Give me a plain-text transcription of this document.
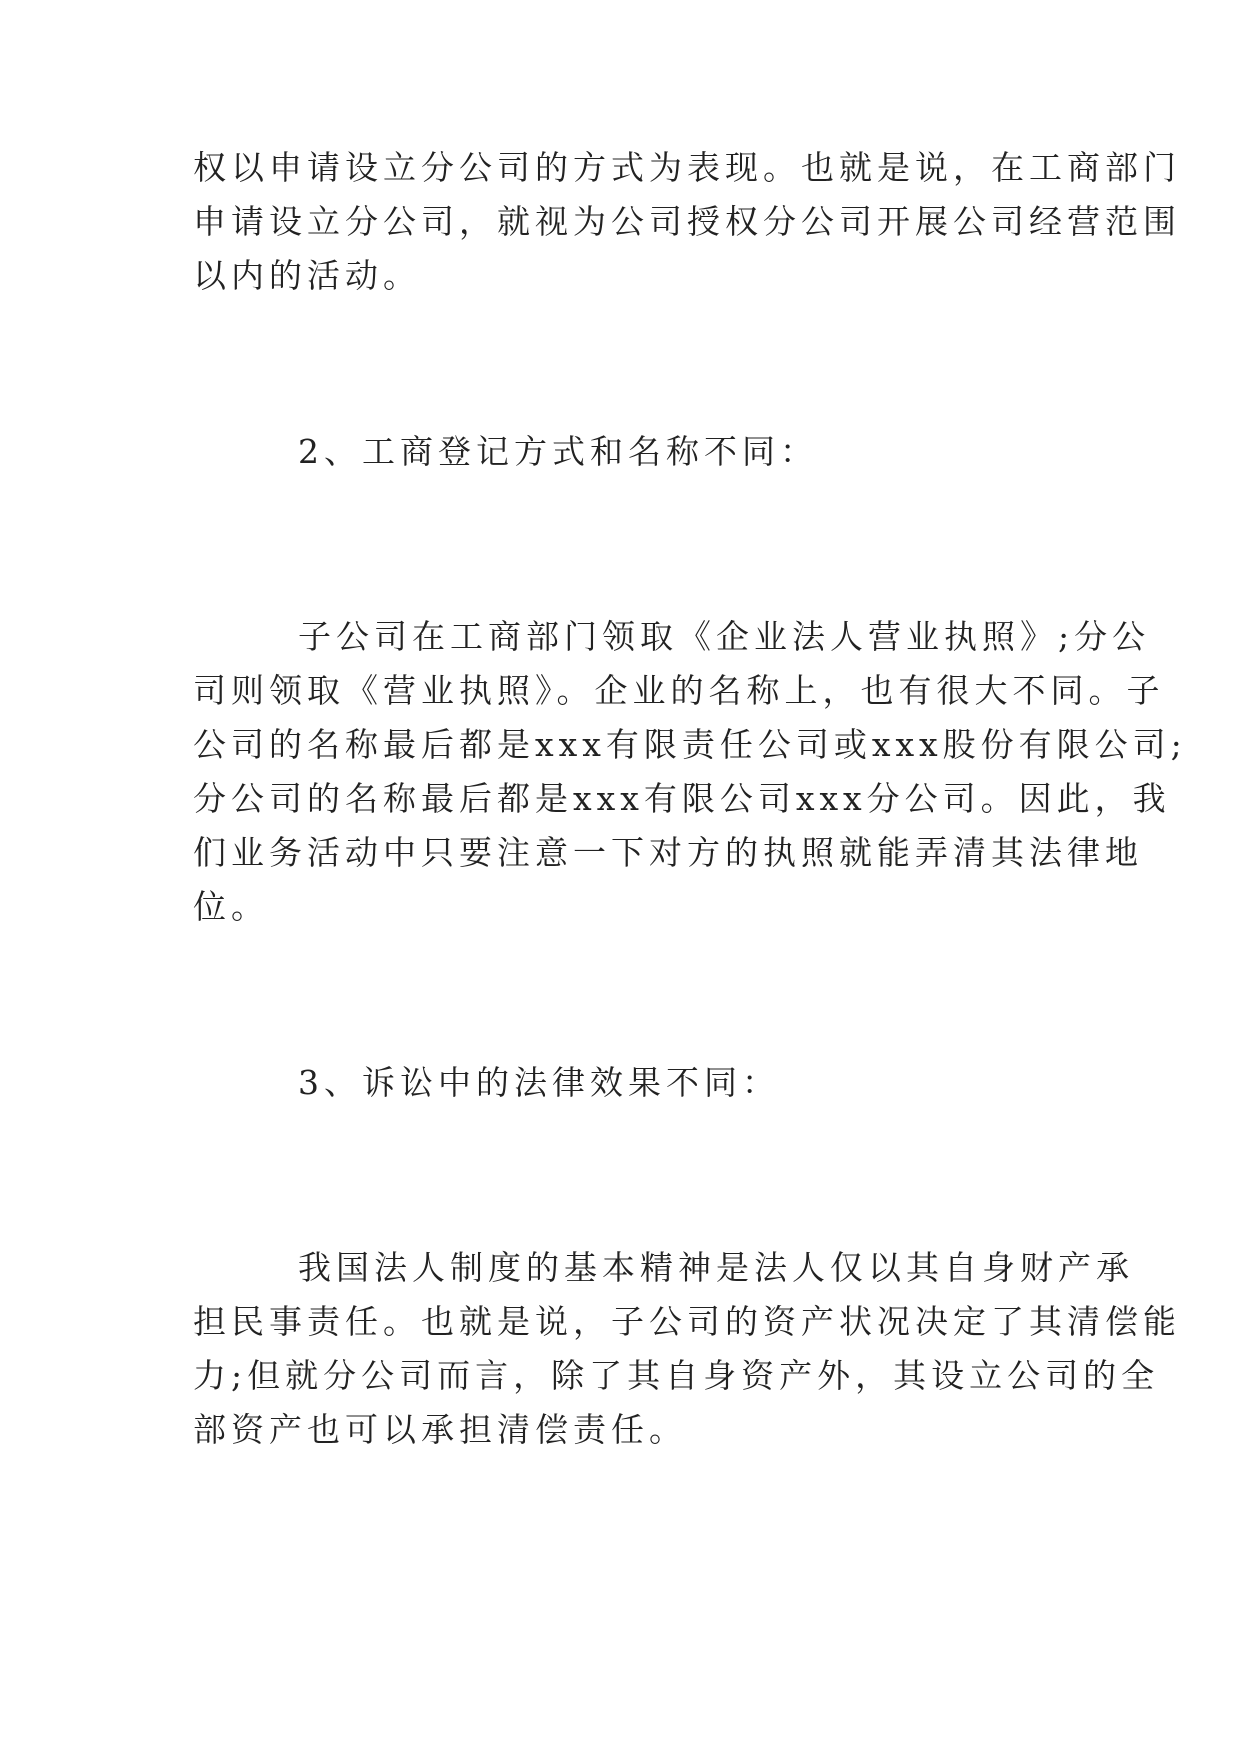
权以申请设立分公司的方式为表现。也就是说，在工商部门
申请设立分公司，就视为公司授权分公司开展公司经营范围
以内的活动。
2、工商登记方式和名称不同：
子公司在工商部门领取《企业法人营业执照》;分公
司则领取《营业执照》。企业的名称上，也有很大不同。子
公司的名称最后都是xxx有限责任公司或xxx股份有限公司;
分公司的名称最后都是xxx有限公司xxx分公司。因此，我
们业务活动中只要注意一下对方的执照就能弄清其法律地
位。
3、诉讼中的法律效果不同：
我国法人制度的基本精神是法人仅以其自身财产承
担民事责任。也就是说，子公司的资产状况决定了其清偿能
力;但就分公司而言，除了其自身资产外，其设立公司的全
部资产也可以承担清偿责任。
